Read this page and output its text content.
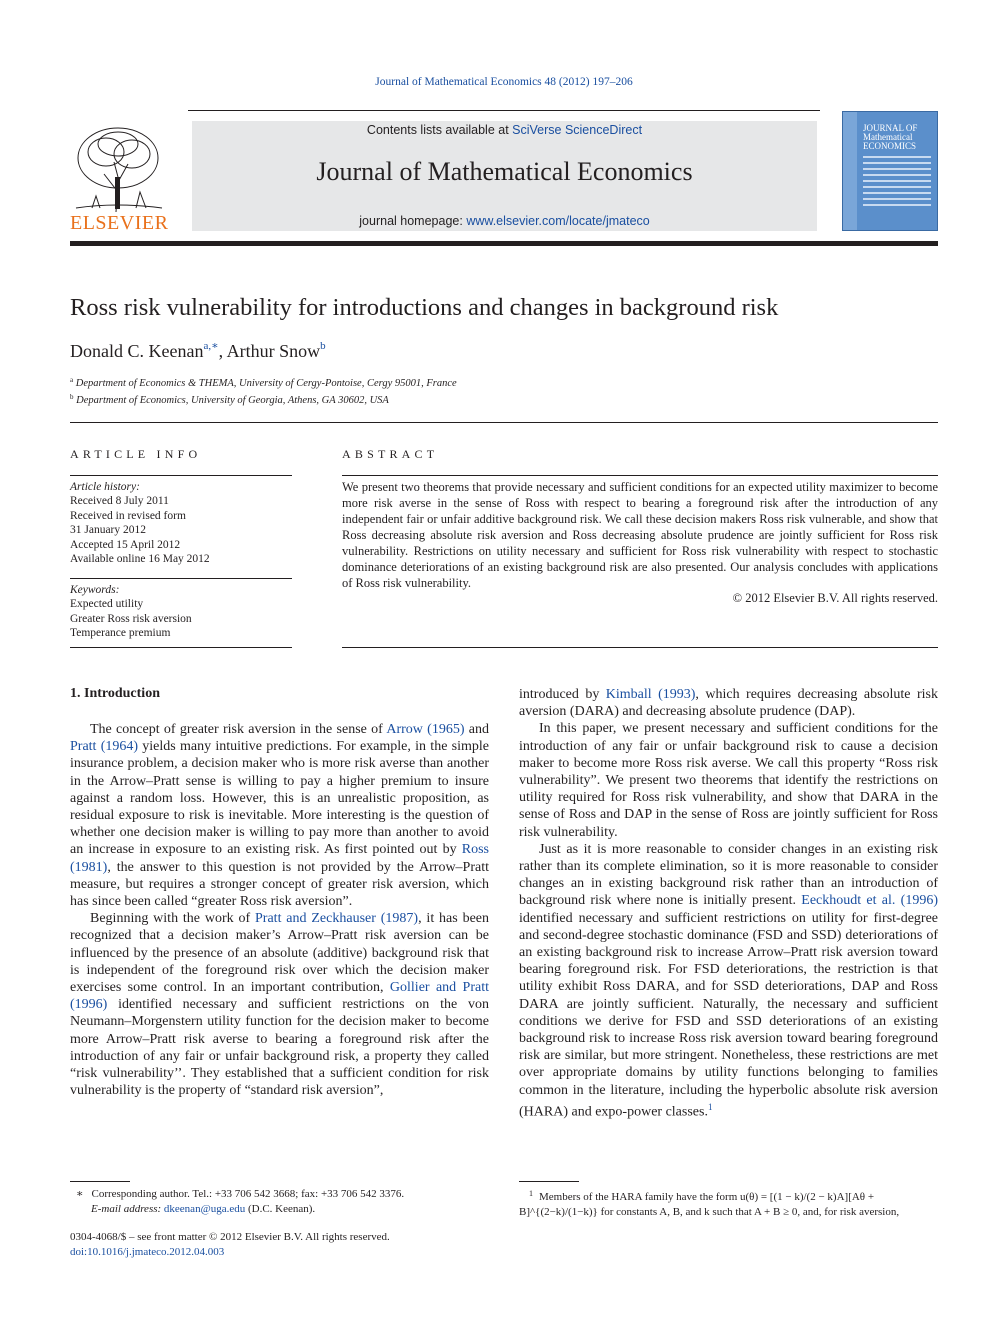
Journal of Mathematical Economics 48 (2012) 197–206
ELSEVIER
Contents lists available at SciVerse ScienceDirect
Journal of Mathematical Economics
journal homepage: www.elsevier.com/locate/jmateco
JOURNAL OF
Mathematical
ECONOMICS
Ross risk vulnerability for introductions and changes in background risk
Donald C. Keenan$^{a,∗}$, Arthur Snow$^b$
$^a$ Department of Economics & THEMA, University of Cergy-Pontoise, Cergy 95001, France
$^b$ Department of Economics, University of Georgia, Athens, GA 30602, USA
ARTICLE INFO
Article history:
Received 8 July 2011
Received in revised form
31 January 2012
Accepted 15 April 2012
Available online 16 May 2012
Keywords:
Expected utility
Greater Ross risk aversion
Temperance premium
ABSTRACT
We present two theorems that provide necessary and sufficient conditions for an expected utility maximizer to become more risk averse in the sense of Ross with respect to bearing a foreground risk after the introduction of any independent fair or unfair additive background risk. We call these decision makers Ross risk vulnerable, and show that Ross decreasing absolute risk aversion and Ross decreasing absolute prudence are jointly sufficient for Ross risk vulnerability. Restrictions on utility necessary and sufficient for Ross risk vulnerability with respect to stochastic dominance deteriorations of an existing background risk are also presented. Our analysis concludes with applications of Ross risk vulnerability.
© 2012 Elsevier B.V. All rights reserved.
1. Introduction

The concept of greater risk aversion in the sense of Arrow (1965) and Pratt (1964) yields many intuitive predictions. For example, in the simple insurance problem, a decision maker who is more risk averse than another in the Arrow–Pratt sense is willing to pay a higher premium to insure against a random loss. However, this is an unrealistic proposition, as residual exposure to risk is inevitable. More interesting is the question of whether one decision maker is willing to pay more than another to avoid an increase in exposure to an existing risk. As first pointed out by Ross (1981), the answer to this question is not provided by the Arrow–Pratt measure, but requires a stronger concept of greater risk aversion, which has since been called “greater Ross risk aversion”.

Beginning with the work of Pratt and Zeckhauser (1987), it has been recognized that a decision maker’s Arrow–Pratt risk aversion can be influenced by the presence of an absolute (additive) background risk that is independent of the foreground risk over which the decision maker exercises some control. In an important contribution, Gollier and Pratt (1996) identified necessary and sufficient restrictions on the von Neumann–Morgenstern utility function for the decision maker to become more Arrow–Pratt risk averse to bearing a foreground risk after the introduction of any fair or unfair background risk, a property they called “risk vulnerability’’. They established that a sufficient condition for risk vulnerability is the property of “standard risk aversion”,

introduced by Kimball (1993), which requires decreasing absolute risk aversion (DARA) and decreasing absolute prudence (DAP).

In this paper, we present necessary and sufficient conditions for the introduction of any fair or unfair background risk to cause a decision maker to become more Ross risk averse. We call this property “Ross risk vulnerability”. We present two theorems that identify the restrictions on utility required for Ross risk vulnerability, and show that DARA in the sense of Ross and DAP in the sense of Ross are jointly sufficient for Ross risk vulnerability.

Just as it is more reasonable to consider changes in an existing risk rather than its complete elimination, so it is more reasonable to consider changes an in existing background risk rather than an introduction of background risk where none is initially present. Eeckhoudt et al. (1996) identified necessary and sufficient restrictions on utility for first-degree and second-degree stochastic dominance (FSD and SSD) deteriorations of an existing background risk to increase Arrow–Pratt risk aversion toward bearing foreground risk. For FSD deteriorations, the restriction is that utility exhibit Ross DARA, and for SSD deteriorations, DAP and Ross DARA are jointly sufficient. Naturally, the necessary and sufficient conditions we derive for FSD and SSD deteriorations of an existing background risk to increase Ross risk aversion toward bearing foreground risk are similar, but more stringent. Nonetheless, these restrictions are met over appropriate domains by utility functions belonging to families common in the literature, including the hyperbolic absolute risk aversion (HARA) and expo-power classes.$^1$

∗ Corresponding author. Tel.: +33 706 542 3668; fax: +33 706 542 3376.
E-mail address: dkeenan@uga.edu (D.C. Keenan).
$^1$ Members of the HARA family have the form u(θ) = [(1 − k)/(2 − k)A][Aθ +
B]^{(2−k)/(1−k)} for constants A, B, and k such that A + B ≥ 0, and, for risk aversion,
0304-4068/$ – see front matter © 2012 Elsevier B.V. All rights reserved.
doi:10.1016/j.jmateco.2012.04.003
